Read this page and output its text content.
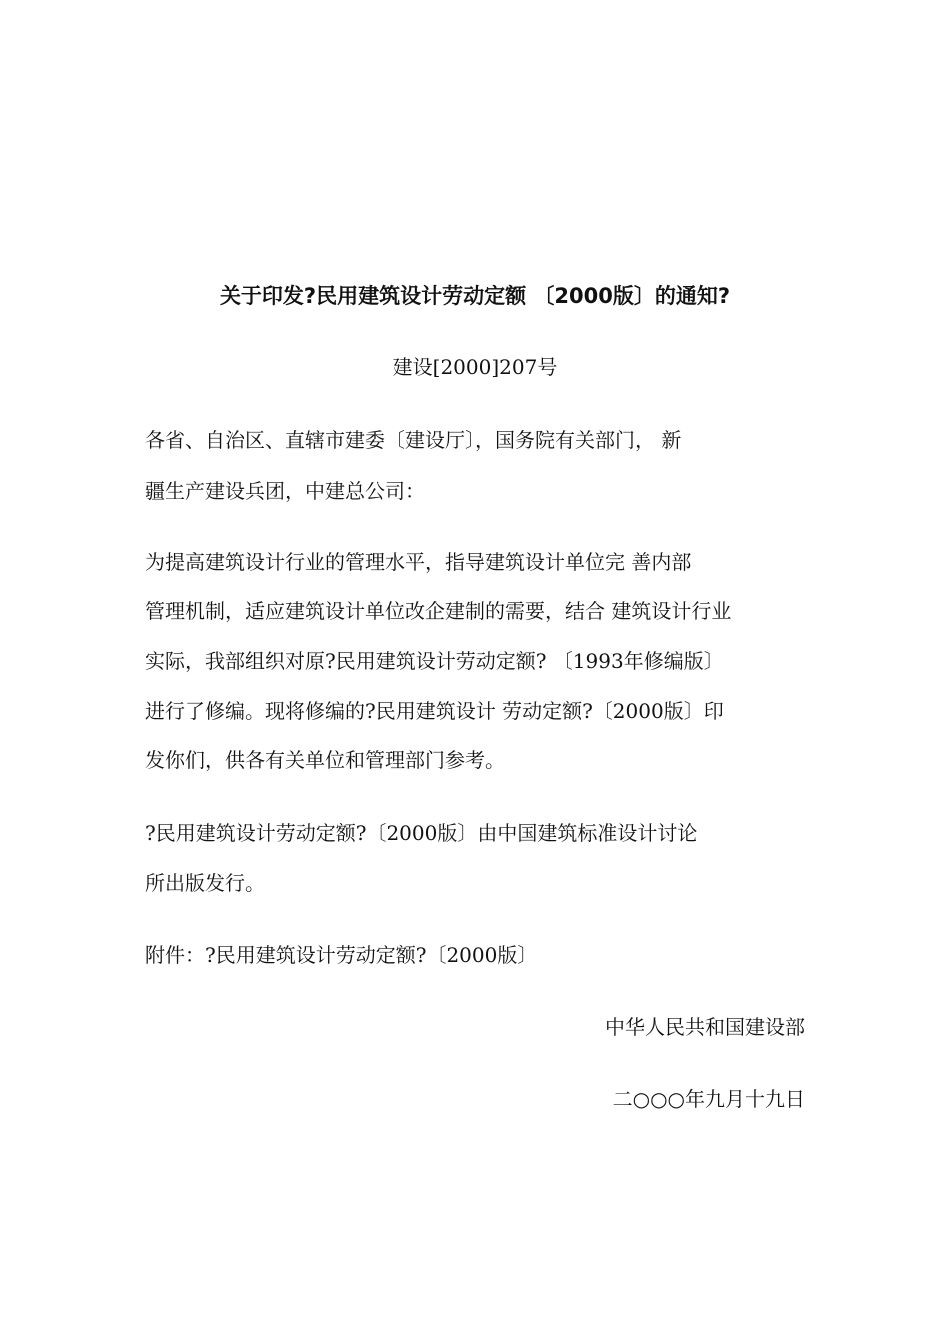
关于印发?民用建筑设计劳动定额 〔2000版〕的通知?
建设[2000]207号
各省、自治区、直辖市建委〔建设厅〕，国务院有关部门， 新
疆生产建设兵团，中建总公司：
为提高建筑设计行业的管理水平，指导建筑设计单位完 善内部
管理机制，适应建筑设计单位改企建制的需要，结合 建筑设计行业
实际，我部组织对原?民用建筑设计劳动定额? 〔1993年修编版〕
进行了修编。现将修编的?民用建筑设计 劳动定额?〔2000版〕印
发你们，供各有关单位和管理部门参考。
?民用建筑设计劳动定额?〔2000版〕由中国建筑标准设计讨论
所出版发行。
附件：?民用建筑设计劳动定额?〔2000版〕
中华人民共和国建设部
二○○○年九月十九日
